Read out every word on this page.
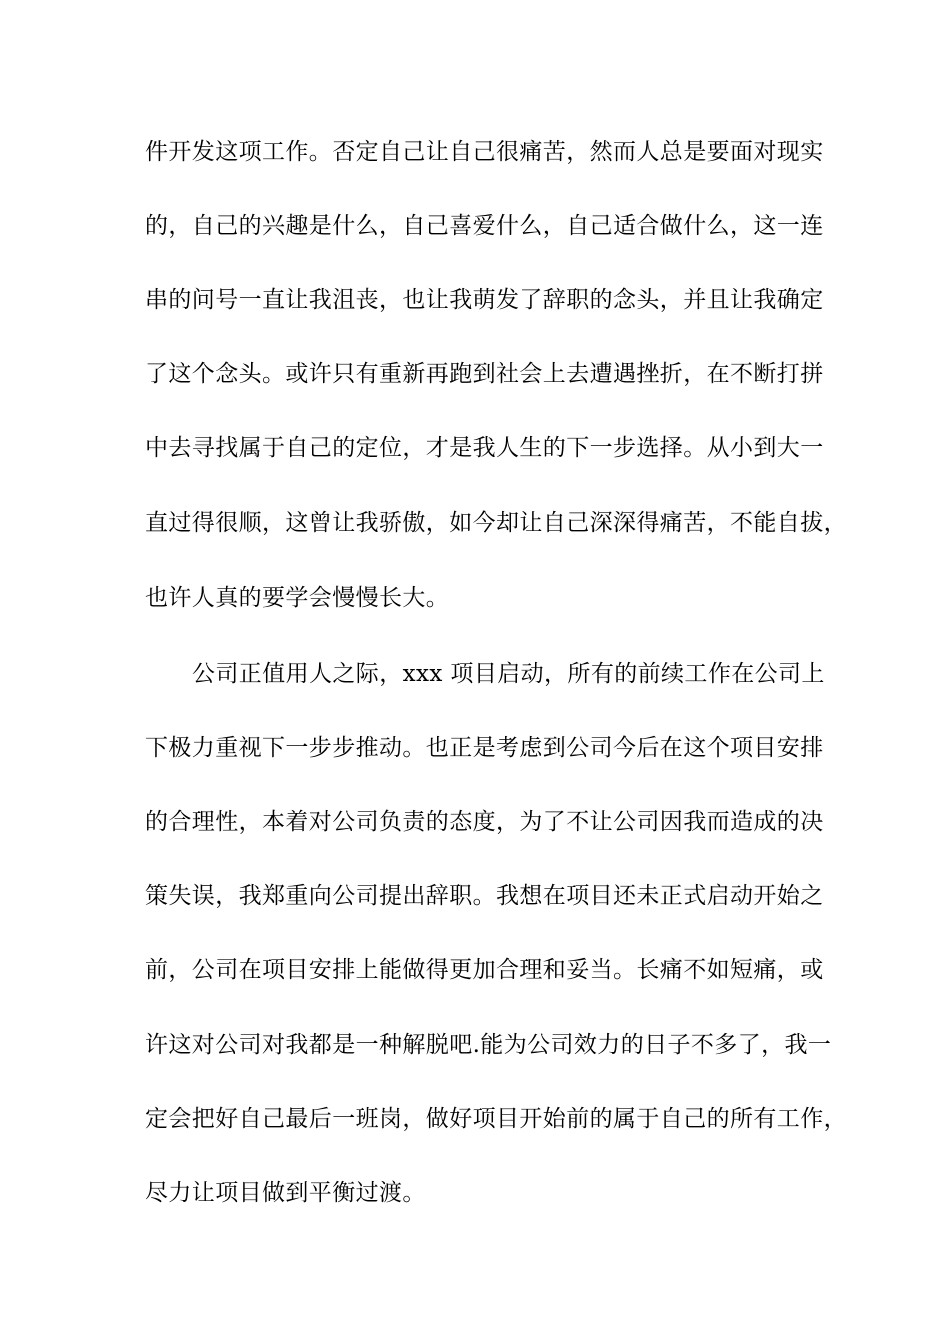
件开发这项工作。否定自己让自己很痛苦，然而人总是要面对现实
的，自己的兴趣是什么，自己喜爱什么，自己适合做什么，这一连
串的问号一直让我沮丧，也让我萌发了辞职的念头，并且让我确定
了这个念头。或许只有重新再跑到社会上去遭遇挫折，在不断打拼
中去寻找属于自己的定位，才是我人生的下一步选择。从小到大一
直过得很顺，这曾让我骄傲，如今却让自己深深得痛苦，不能自拔，
也许人真的要学会慢慢长大。
公司正值用人之际，xxx 项目启动，所有的前续工作在公司上
下极力重视下一步步推动。也正是考虑到公司今后在这个项目安排
的合理性，本着对公司负责的态度，为了不让公司因我而造成的决
策失误，我郑重向公司提出辞职。我想在项目还未正式启动开始之
前，公司在项目安排上能做得更加合理和妥当。长痛不如短痛，或
许这对公司对我都是一种解脱吧.能为公司效力的日子不多了，我一
定会把好自己最后一班岗，做好项目开始前的属于自己的所有工作，
尽力让项目做到平衡过渡。
